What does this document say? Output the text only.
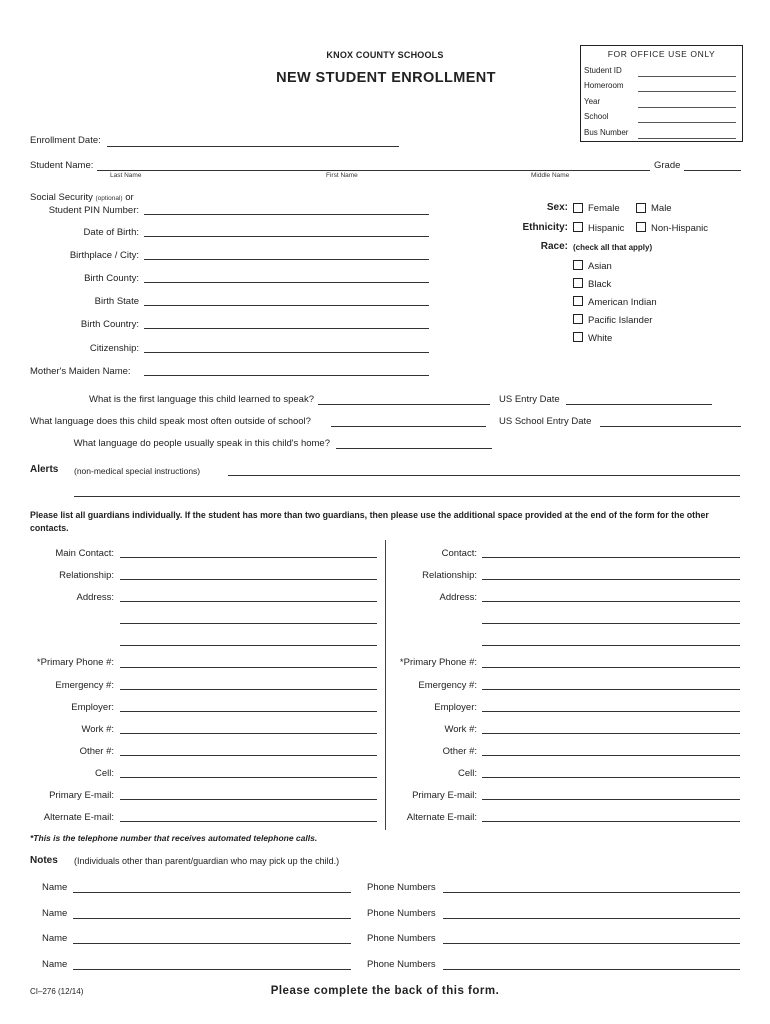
KNOX COUNTY SCHOOLS
NEW STUDENT ENROLLMENT
FOR OFFICE USE ONLY
Student ID
Homeroom
Year
School
Bus Number
Enrollment Date:
Student Name:	Grade
Last Name	First Name	Middle Name
Social Security (optional) or
Student PIN Number:
Date of Birth:
Birthplace / City:
Birth County:
Birth State
Birth Country:
Citizenship:
Mother's Maiden Name:
Sex: Female	Male
Ethnicity: Hispanic	Non-Hispanic
Race: (check all that apply)
Asian
Black
American Indian
Pacific Islander
White
What is the first language this child learned to speak?	US Entry Date
What language does this child speak most often outside of school?	US School Entry Date
What language do people usually speak in this child's home?
Alerts (non-medical special instructions)
Please list all guardians individually. If the student has more than two guardians, then please use the additional space provided at the end of the form for the other contacts.
Main Contact:
Relationship:
Address:
*Primary Phone #:
Emergency #:
Employer:
Work #:
Other #:
Cell:
Primary E-mail:
Alternate E-mail:
Contact:
Relationship:
Address:
*Primary Phone #:
Emergency #:
Employer:
Work #:
Other #:
Cell:
Primary E-mail:
Alternate E-mail:
*This is the telephone number that receives automated telephone calls.
Notes (Individuals other than parent/guardian who may pick up the child.)
Name	Phone Numbers
Name	Phone Numbers
Name	Phone Numbers
Name	Phone Numbers
CI–276 (12/14)	Please complete the back of this form.
